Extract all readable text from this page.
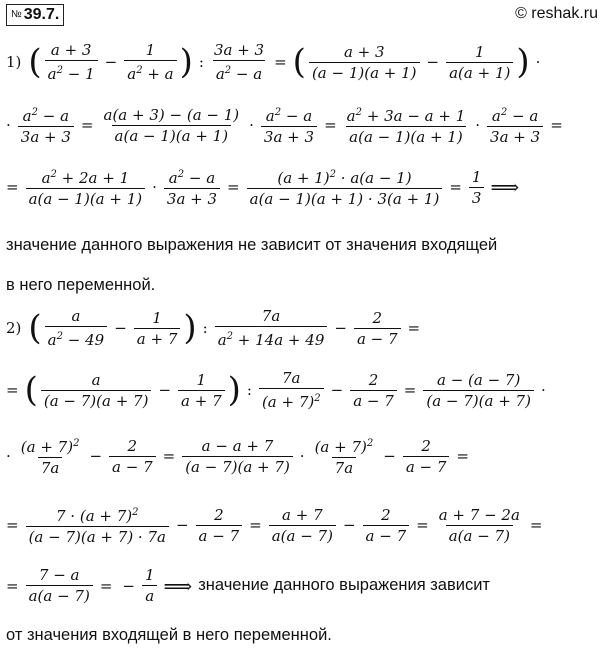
№ 39.7.	© reshak.ru
1) ( $\frac{a + 3}{a^2 - 1} - \frac{1}{a^2 + a}$ ) : $\frac{3a + 3}{a^2 - a}$ = ( $\frac{a + 3}{(a - 1)(a + 1)} - \frac{1}{a(a + 1)}$ ) ·
· $\frac{a^2 - a}{3a + 3} = \frac{a(a + 3) - (a - 1)}{a(a - 1)(a + 1)} \cdot \frac{a^2 - a}{3a + 3} = \frac{a^2 + 3a - a + 1}{a(a - 1)(a + 1)} \cdot \frac{a^2 - a}{3a + 3}$ =
= $\frac{a^2 + 2a + 1}{a(a - 1)(a + 1)} \cdot \frac{a^2 - a}{3a + 3} = \frac{(a + 1)^2 \cdot a(a - 1)}{a(a - 1)(a + 1) \cdot 3(a + 1)} = \frac{1}{3}$ ⟹
значение данного выражения не зависит от значения входящей
в него переменной.
2) ( $\frac{a}{a^2 - 49} - \frac{1}{a + 7}$ ) : $\frac{7a}{a^2 + 14a + 49} - \frac{2}{a - 7}$ =
= ( $\frac{a}{(a - 7)(a + 7)} - \frac{1}{a + 7}$ ) : $\frac{7a}{(a + 7)^2} - \frac{2}{a - 7} = \frac{a - (a - 7)}{(a - 7)(a + 7)}$ ·
· $\frac{(a + 7)^2}{7a} - \frac{2}{a - 7} = \frac{a - a + 7}{(a - 7)(a + 7)} \cdot \frac{(a + 7)^2}{7a} - \frac{2}{a - 7}$ =
= $\frac{7 \cdot (a + 7)^2}{(a - 7)(a + 7) \cdot 7a} - \frac{2}{a - 7} = \frac{a + 7}{a(a - 7)} - \frac{2}{a - 7} = \frac{a + 7 - 2a}{a(a - 7)}$ =
= $\frac{7 - a}{a(a - 7)}$ = − $\frac{1}{a}$ ⟹ значение данного выражения зависит
от значения входящей в него переменной.
